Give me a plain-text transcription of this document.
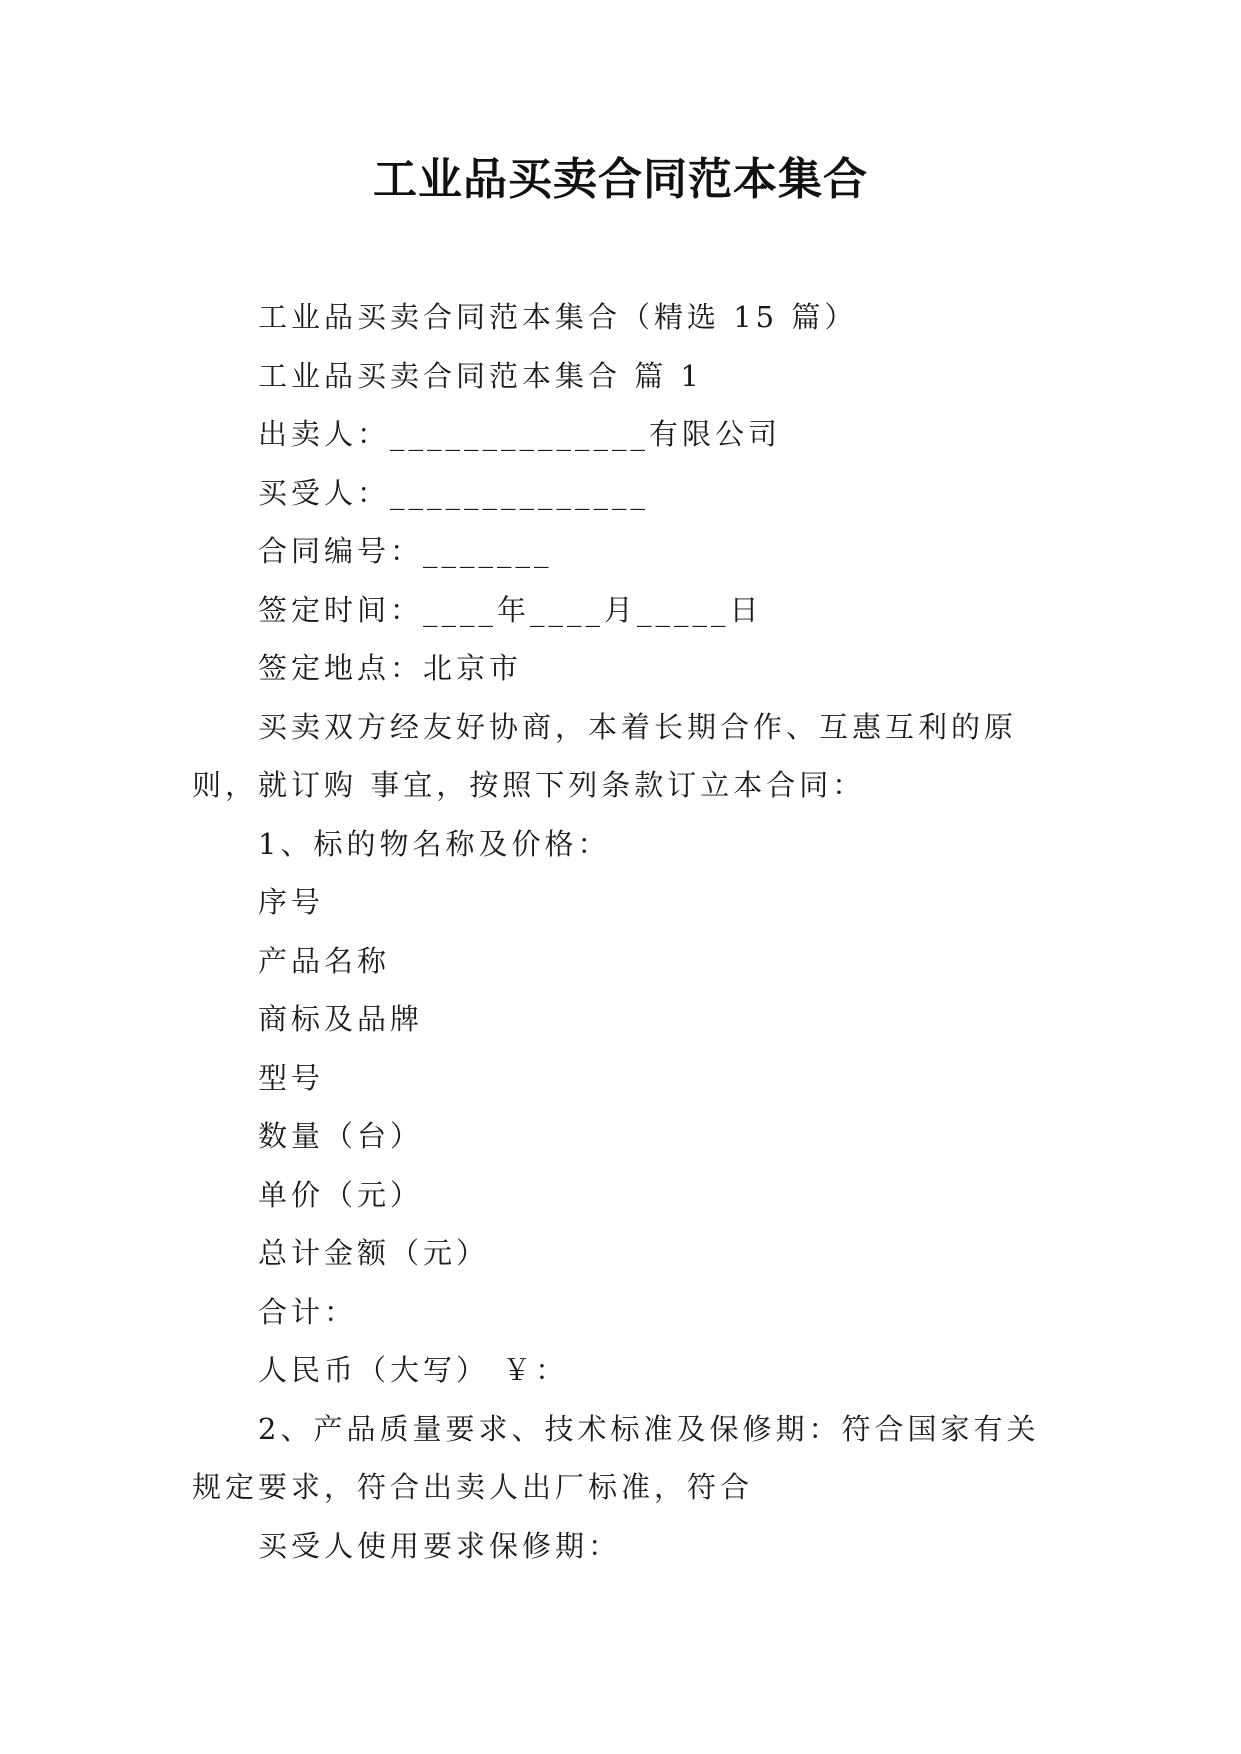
工业品买卖合同范本集合

工业品买卖合同范本集合（精选 15 篇）

工业品买卖合同范本集合 篇 1

出卖人：______________有限公司

买受人：______________

合同编号：_______

签定时间：____年____月_____日

签定地点：北京市

买卖双方经友好协商，本着长期合作、互惠互利的原则，就订购 事宜，按照下列条款订立本合同：

1、标的物名称及价格：

序号

产品名称

商标及品牌

型号

数量（台）

单价（元）

总计金额（元）

合计：

人民币（大写） ￥：

2、产品质量要求、技术标准及保修期：符合国家有关规定要求，符合出卖人出厂标准，符合

买受人使用要求保修期：
